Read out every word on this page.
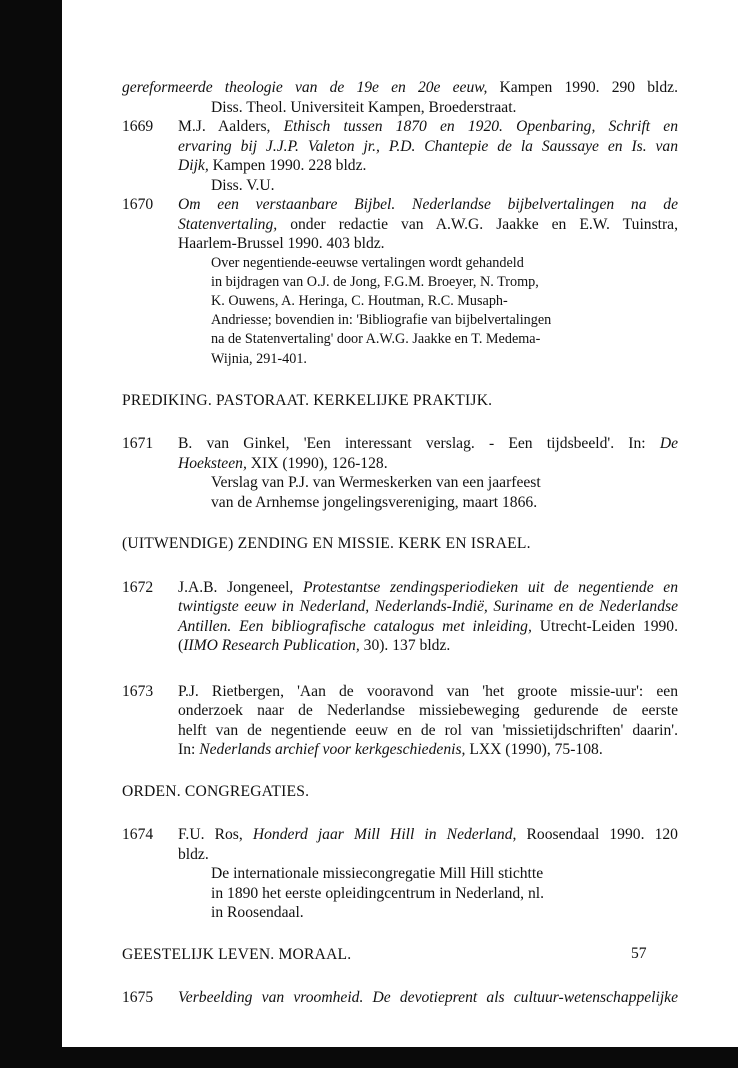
gereformeerde theologie van de 19e en 20e eeuw, Kampen 1990. 290 bldz.
Diss. Theol. Universiteit Kampen, Broederstraat.
1669 M.J. Aalders, Ethisch tussen 1870 en 1920. Openbaring, Schrift en
ervaring bij J.J.P. Valeton jr., P.D. Chantepie de la Saussaye en Is. van
Dijk, Kampen 1990. 228 bldz.
Diss. V.U.
1670 Om een verstaanbare Bijbel. Nederlandse bijbelvertalingen na de
Statenvertaling, onder redactie van A.W.G. Jaakke en E.W. Tuinstra,
Haarlem-Brussel 1990. 403 bldz.
Over negentiende-eeuwse vertalingen wordt gehandeld
in bijdragen van O.J. de Jong, F.G.M. Broeyer, N. Tromp,
K. Ouwens, A. Heringa, C. Houtman, R.C. Musaph-
Andriesse; bovendien in: 'Bibliografie van bijbelvertalingen
na de Statenvertaling' door A.W.G. Jaakke en T. Medema-
Wijnia, 291-401.
PREDIKING. PASTORAAT. KERKELIJKE PRAKTIJK.
1671 B. van Ginkel, 'Een interessant verslag. - Een tijdsbeeld'. In: De
Hoeksteen, XIX (1990), 126-128.
Verslag van P.J. van Wermeskerken van een jaarfeest
van de Arnhemse jongelingsvereniging, maart 1866.
(UITWENDIGE) ZENDING EN MISSIE. KERK EN ISRAEL.
1672 J.A.B. Jongeneel, Protestantse zendingsperiodieken uit de negentiende en
twintigste eeuw in Nederland, Nederlands-Indië, Suriname en de Nederlandse
Antillen. Een bibliografische catalogus met inleiding, Utrecht-Leiden 1990.
(IIMO Research Publication, 30). 137 bldz.
1673 P.J. Rietbergen, 'Aan de vooravond van 'het groote missie-uur': een
onderzoek naar de Nederlandse missiebeweging gedurende de eerste
helft van de negentiende eeuw en de rol van 'missietijdschriften' daarin'.
In: Nederlands archief voor kerkgeschiedenis, LXX (1990), 75-108.
ORDEN. CONGREGATIES.
1674 F.U. Ros, Honderd jaar Mill Hill in Nederland, Roosendaal 1990. 120
bldz.
De internationale missiecongregatie Mill Hill stichtte
in 1890 het eerste opleidingcentrum in Nederland, nl.
in Roosendaal.
GEESTELIJK LEVEN. MORAAL.
1675 Verbeelding van vroomheid. De devotieprent als cultuur-wetenschappelijke
57
